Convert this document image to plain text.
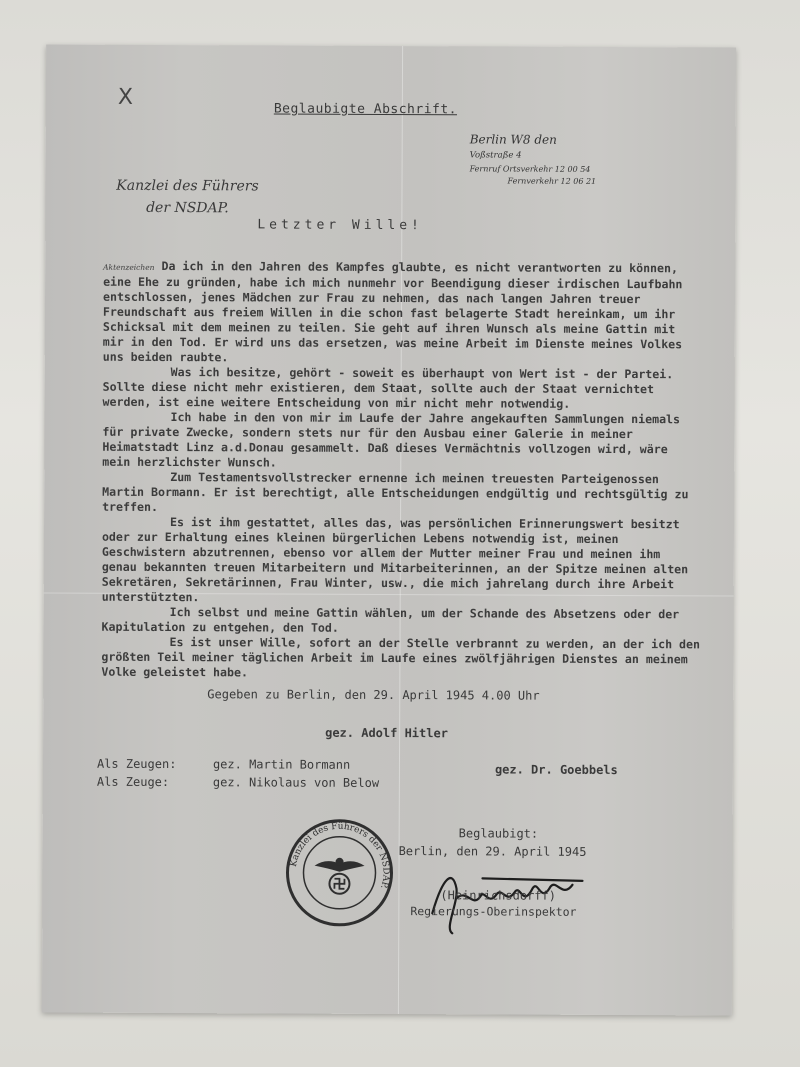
X	Beglaubigte Abschrift.
Berlin W8 den
Voßstraße 4
Fernruf Ortsverkehr 12 00 54
Fernverkehr 12 06 21
Kanzlei des Führers
der NSDAP.
Letzter Wille!

Aktenzeichen Da ich in den Jahren des Kampfes glaubte, es nicht verantworten zu können, eine Ehe zu gründen, habe ich mich nunmehr vor Beendigung dieser irdischen Laufbahn entschlossen, jenes Mädchen zur Frau zu nehmen, das nach langen Jahren treuer Freundschaft aus freiem Willen in die schon fast belagerte Stadt hereinkam, um ihr Schicksal mit dem meinen zu teilen. Sie geht auf ihren Wunsch als meine Gattin mit mir in den Tod. Er wird uns das ersetzen, was meine Arbeit im Dienste meines Volkes uns beiden raubte.

Was ich besitze, gehört - soweit es überhaupt von Wert ist - der Partei. Sollte diese nicht mehr existieren, dem Staat, sollte auch der Staat vernichtet werden, ist eine weitere Entscheidung von mir nicht mehr notwendig.

Ich habe in den von mir im Laufe der Jahre angekauften Sammlungen niemals für private Zwecke, sondern stets nur für den Ausbau einer Galerie in meiner Heimatstadt Linz a.d.Donau gesammelt. Daß dieses Vermächtnis vollzogen wird, wäre mein herzlichster Wunsch.

Zum Testamentsvollstrecker ernenne ich meinen treuesten Parteigenossen Martin Bormann. Er ist berechtigt, alle Entscheidungen endgültig und rechtsgültig zu treffen.

Es ist ihm gestattet, alles das, was persönlichen Erinnerungswert besitzt oder zur Erhaltung eines kleinen bürgerlichen Lebens notwendig ist, meinen Geschwistern abzutrennen, ebenso vor allem der Mutter meiner Frau und meinen ihm genau bekannten treuen Mitarbeitern und Mitarbeiterinnen, an der Spitze meinen alten Sekretären, Sekretärinnen, Frau Winter, usw., die mich jahrelang durch ihre Arbeit unterstützten.

Ich selbst und meine Gattin wählen, um der Schande des Absetzens oder der Kapitulation zu entgehen, den Tod.

Es ist unser Wille, sofort an der Stelle verbrannt zu werden, an der ich den größten Teil meiner täglichen Arbeit im Laufe eines zwölfjährigen Dienstes an meinem Volke geleistet habe.

Gegeben zu Berlin, den 29. April 1945 4.00 Uhr
gez. Adolf Hitler
Als Zeugen:	gez. Martin Bormann	gez. Dr. Goebbels
Als Zeuge:	gez. Nikolaus von Below
Kanzlei des Führers der NSDAP.
Beglaubigt:
Berlin, den 29. April 1945
(Heinrichsdorff)
Regierungs-Oberinspektor
